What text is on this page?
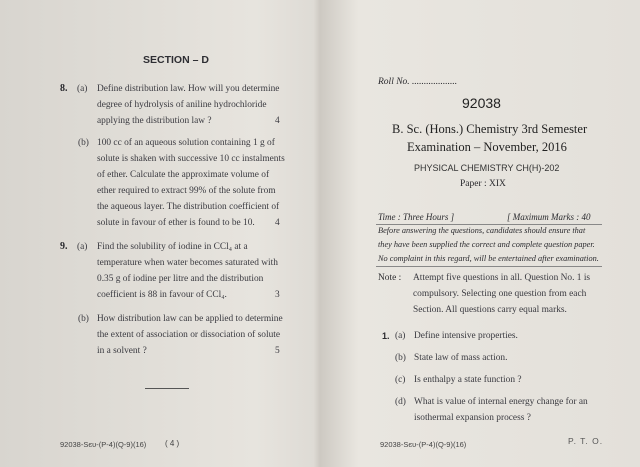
SECTION – D
8. (a) Define distribution law. How will you determine
degree of hydrolysis of aniline hydrochloride
applying the distribution law ?	4
(b) 100 cc of an aqueous solution containing 1 g of
solute is shaken with successive 10 cc instalments
of ether. Calculate the approximate volume of
ether required to extract 99% of the solute from
the aqueous layer. The distribution coefficient of
solute in favour of ether is found to be 10. 4
9. (a) Find the solubility of iodine in CCl₄ at a
temperature when water becomes saturated with
0.35 g of iodine per litre and the distribution
coefficient is 88 in favour of CCl₄.	3
(b) How distribution law can be applied to determine
the extent of association or dissociation of solute
in a solvent ?	5
92038-Ѕєυ-(P-4)(Q-9)(16) ( 4 )
Roll No. ...................
92038
B. Sc. (Hons.) Chemistry 3rd Semester
Examination – November, 2016
PHYSICAL CHEMISTRY CH(H)-202
Paper : XIX
Time : Three Hours ]	[ Maximum Marks : 40
Before answering the questions, candidates should ensure that
they have been supplied the correct and complete question paper.
No complaint in this regard, will be entertained after examination.
Note : Attempt five questions in all. Question No. 1 is
compulsory. Selecting one question from each
Section. All questions carry equal marks.
1. (a) Define intensive properties.
(b) State law of mass action.
(c) Is enthalpy a state function ?
(d) What is value of internal energy change for an
isothermal expansion process ?
92038-Ѕєυ-(P-4)(Q-9)(16)	P. T. O.
